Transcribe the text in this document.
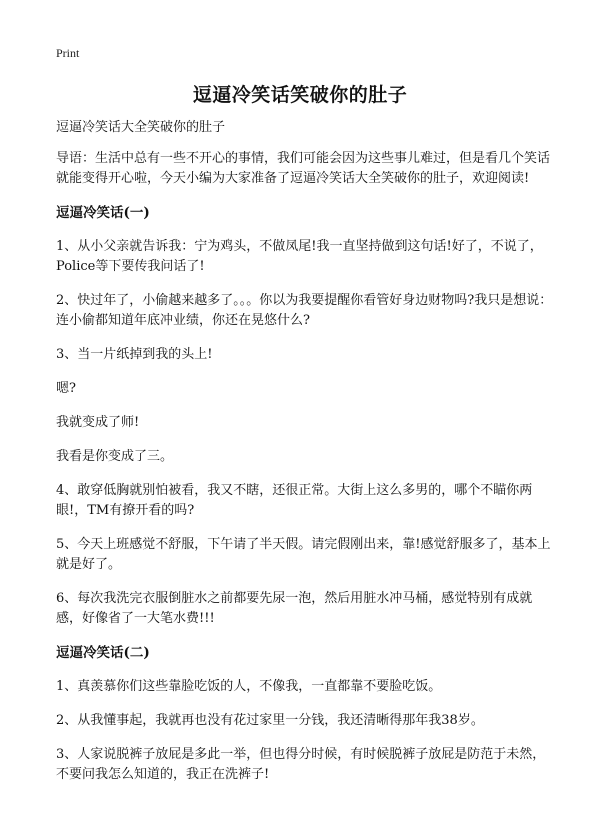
Print
逗逼冷笑话笑破你的肚子

逗逼冷笑话大全笑破你的肚子

导语：生活中总有一些不开心的事情，我们可能会因为这些事儿难过，但是看几个笑话就能变得开心啦，今天小编为大家准备了逗逼冷笑话大全笑破你的肚子，欢迎阅读!

逗逼冷笑话(一)

1、从小父亲就告诉我：宁为鸡头，不做凤尾!我一直坚持做到这句话!好了，不说了，Police等下要传我问话了!

2、快过年了，小偷越来越多了。。。你以为我要提醒你看管好身边财物吗?我只是想说：连小偷都知道年底冲业绩，你还在晃悠什么?

3、当一片纸掉到我的头上!

嗯?

我就变成了师!

我看是你变成了三。

4、敢穿低胸就别怕被看，我又不瞎，还很正常。大街上这么多男的，哪个不瞄你两眼!，TM有撩开看的吗?

5、今天上班感觉不舒服，下午请了半天假。请完假刚出来，靠!感觉舒服多了，基本上就是好了。

6、每次我洗完衣服倒脏水之前都要先尿一泡，然后用脏水冲马桶，感觉特别有成就感，好像省了一大笔水费!!!

逗逼冷笑话(二)

1、真羡慕你们这些靠脸吃饭的人，不像我，一直都靠不要脸吃饭。

2、从我懂事起，我就再也没有花过家里一分钱，我还清晰得那年我38岁。

3、人家说脱裤子放屁是多此一举，但也得分时候，有时候脱裤子放屁是防范于未然，不要问我怎么知道的，我正在洗裤子!
